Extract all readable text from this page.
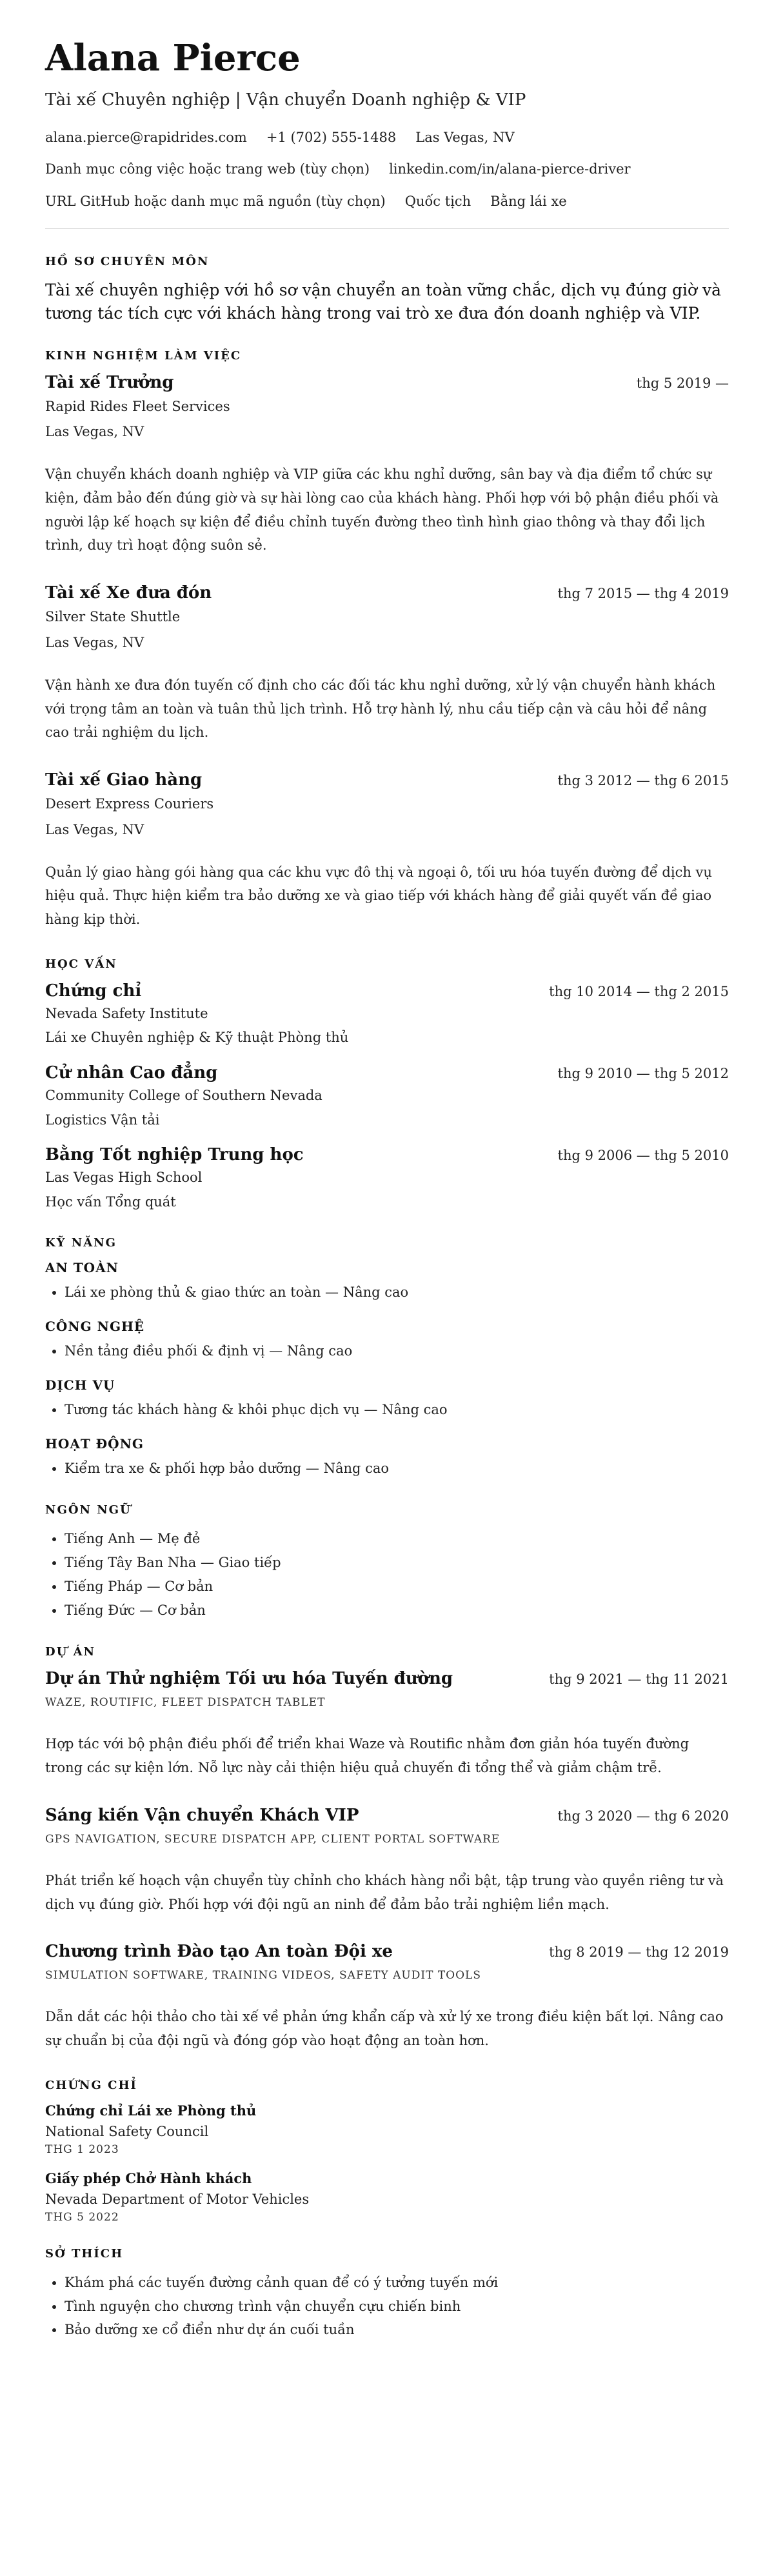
Alana Pierce
Tài xế Chuyên nghiệp | Vận chuyển Doanh nghiệp & VIP
alana.pierce@rapidrides.com +1 (702) 555-1488 Las Vegas, NV
Danh mục công việc hoặc trang web (tùy chọn) linkedin.com/in/alana-pierce-driver
URL GitHub hoặc danh mục mã nguồn (tùy chọn) Quốc tịch Bằng lái xe
HỒ SƠ CHUYÊN MÔN

Tài xế chuyên nghiệp với hồ sơ vận chuyển an toàn vững chắc, dịch vụ đúng giờ và tương tác tích cực với khách hàng trong vai trò xe đưa đón doanh nghiệp và VIP.

KINH NGHIỆM LÀM VIỆC
Tài xế Trưởng	thg 5 2019 —
Rapid Rides Fleet Services
Las Vegas, NV
Vận chuyển khách doanh nghiệp và VIP giữa các khu nghỉ dưỡng, sân bay và địa điểm tổ chức sự kiện, đảm bảo đến đúng giờ và sự hài lòng cao của khách hàng. Phối hợp với bộ phận điều phối và người lập kế hoạch sự kiện để điều chỉnh tuyến đường theo tình hình giao thông và thay đổi lịch trình, duy trì hoạt động suôn sẻ.
Tài xế Xe đưa đón	thg 7 2015 — thg 4 2019
Silver State Shuttle
Las Vegas, NV
Vận hành xe đưa đón tuyến cố định cho các đối tác khu nghỉ dưỡng, xử lý vận chuyển hành khách với trọng tâm an toàn và tuân thủ lịch trình. Hỗ trợ hành lý, nhu cầu tiếp cận và câu hỏi để nâng cao trải nghiệm du lịch.
Tài xế Giao hàng	thg 3 2012 — thg 6 2015
Desert Express Couriers
Las Vegas, NV
Quản lý giao hàng gói hàng qua các khu vực đô thị và ngoại ô, tối ưu hóa tuyến đường để dịch vụ hiệu quả. Thực hiện kiểm tra bảo dưỡng xe và giao tiếp với khách hàng để giải quyết vấn đề giao hàng kịp thời.
HỌC VẤN
Chứng chỉ	thg 10 2014 — thg 2 2015
Nevada Safety Institute
Lái xe Chuyên nghiệp & Kỹ thuật Phòng thủ
Cử nhân Cao đẳng	thg 9 2010 — thg 5 2012
Community College of Southern Nevada
Logistics Vận tải
Bằng Tốt nghiệp Trung học	thg 9 2006 — thg 5 2010
Las Vegas High School
Học vấn Tổng quát
KỸ NĂNG
AN TOÀN
• Lái xe phòng thủ & giao thức an toàn — Nâng cao
CÔNG NGHỆ
• Nền tảng điều phối & định vị — Nâng cao
DỊCH VỤ
• Tương tác khách hàng & khôi phục dịch vụ — Nâng cao
HOẠT ĐỘNG
• Kiểm tra xe & phối hợp bảo dưỡng — Nâng cao
NGÔN NGỮ
• Tiếng Anh — Mẹ đẻ
• Tiếng Tây Ban Nha — Giao tiếp
• Tiếng Pháp — Cơ bản
• Tiếng Đức — Cơ bản
DỰ ÁN
Dự án Thử nghiệm Tối ưu hóa Tuyến đường	thg 9 2021 — thg 11 2021
WAZE, ROUTIFIC, FLEET DISPATCH TABLET
Hợp tác với bộ phận điều phối để triển khai Waze và Routific nhằm đơn giản hóa tuyến đường trong các sự kiện lớn. Nỗ lực này cải thiện hiệu quả chuyến đi tổng thể và giảm chậm trễ.
Sáng kiến Vận chuyển Khách VIP	thg 3 2020 — thg 6 2020
GPS NAVIGATION, SECURE DISPATCH APP, CLIENT PORTAL SOFTWARE
Phát triển kế hoạch vận chuyển tùy chỉnh cho khách hàng nổi bật, tập trung vào quyền riêng tư và dịch vụ đúng giờ. Phối hợp với đội ngũ an ninh để đảm bảo trải nghiệm liền mạch.
Chương trình Đào tạo An toàn Đội xe	thg 8 2019 — thg 12 2019
SIMULATION SOFTWARE, TRAINING VIDEOS, SAFETY AUDIT TOOLS
Dẫn dắt các hội thảo cho tài xế về phản ứng khẩn cấp và xử lý xe trong điều kiện bất lợi. Nâng cao sự chuẩn bị của đội ngũ và đóng góp vào hoạt động an toàn hơn.
CHỨNG CHỈ
Chứng chỉ Lái xe Phòng thủ
National Safety Council
THG 1 2023
Giấy phép Chở Hành khách
Nevada Department of Motor Vehicles
THG 5 2022
SỞ THÍCH
• Khám phá các tuyến đường cảnh quan để có ý tưởng tuyến mới
• Tình nguyện cho chương trình vận chuyển cựu chiến binh
• Bảo dưỡng xe cổ điển như dự án cuối tuần
